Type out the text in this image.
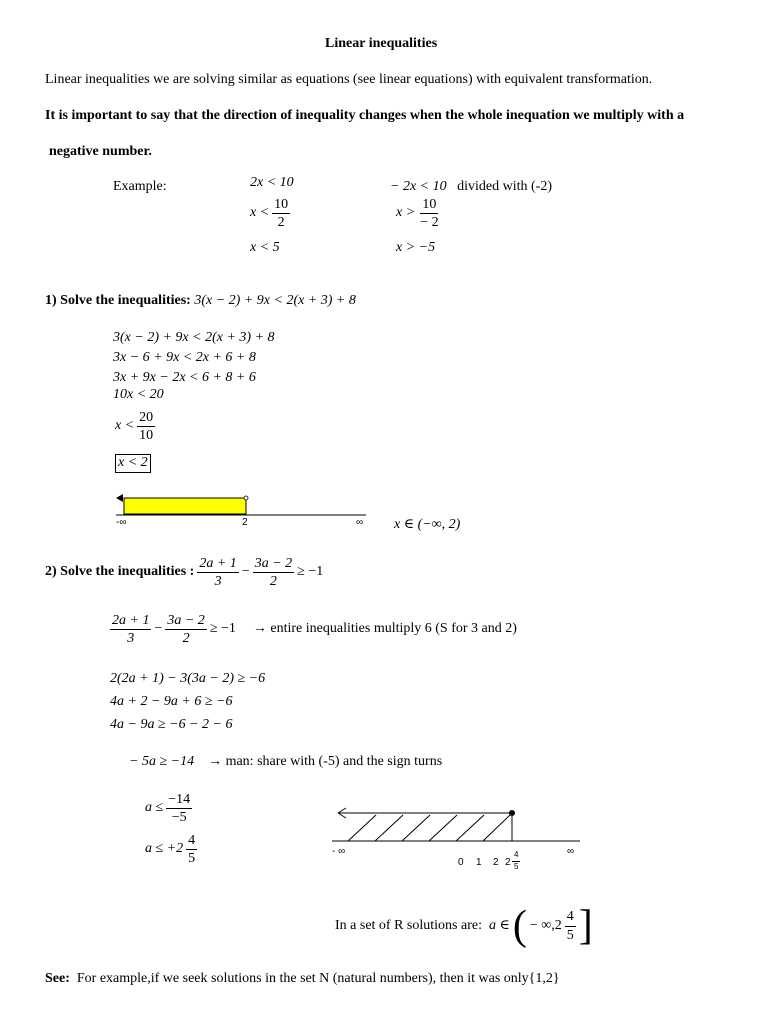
Linear inequalities
Linear inequalities we are solving similar as equations (see linear equations) with equivalent transformation.
It is important to say that the direction of inequality changes when the whole inequation we multiply with a
negative number.
Example:	2x < 10
$x < \frac{10}{2}$
x < 5
− 2x < 10 divided with (-2)
$x > \frac{10}{- 2}$
x > −5
1) Solve the inequalities: 3(x − 2) + 9x < 2(x + 3) + 8
3(x − 2) + 9x < 2(x + 3) + 8
3x − 6 + 9x < 2x + 6 + 8
3x + 9x − 2x < 6 + 8 + 6
10x < 20
$x < \frac{20}{10}$
x < 2
-∞	2	∞ x ∈ (−∞, 2)
2) Solve the inequalities : $\frac{2a + 1}{3} - \frac{3a - 2}{2} \ge -1$
$\frac{2a + 1}{3} - \frac{3a - 2}{2} \ge -1$ → entire inequalities multiply 6 (S for 3 and 2)
2(2a + 1) − 3(3a − 2) ≥ −6
4a + 2 − 9a + 6 ≥ −6
4a − 9a ≥ −6 − 2 − 6
− 5a ≥ −14 → man: share with (-5) and the sign turns
$a \le \frac{-14}{-5}$
$a \le +2 \frac{4}{5}$	- ∞	∞
0 1 2 $2 \frac{4}{5}$
In a set of R solutions are: a ∈ ( − $\infty,2 \frac{4}{5}$ ]
See: For example,if we seek solutions in the set N (natural numbers), then it was only{1,2}
